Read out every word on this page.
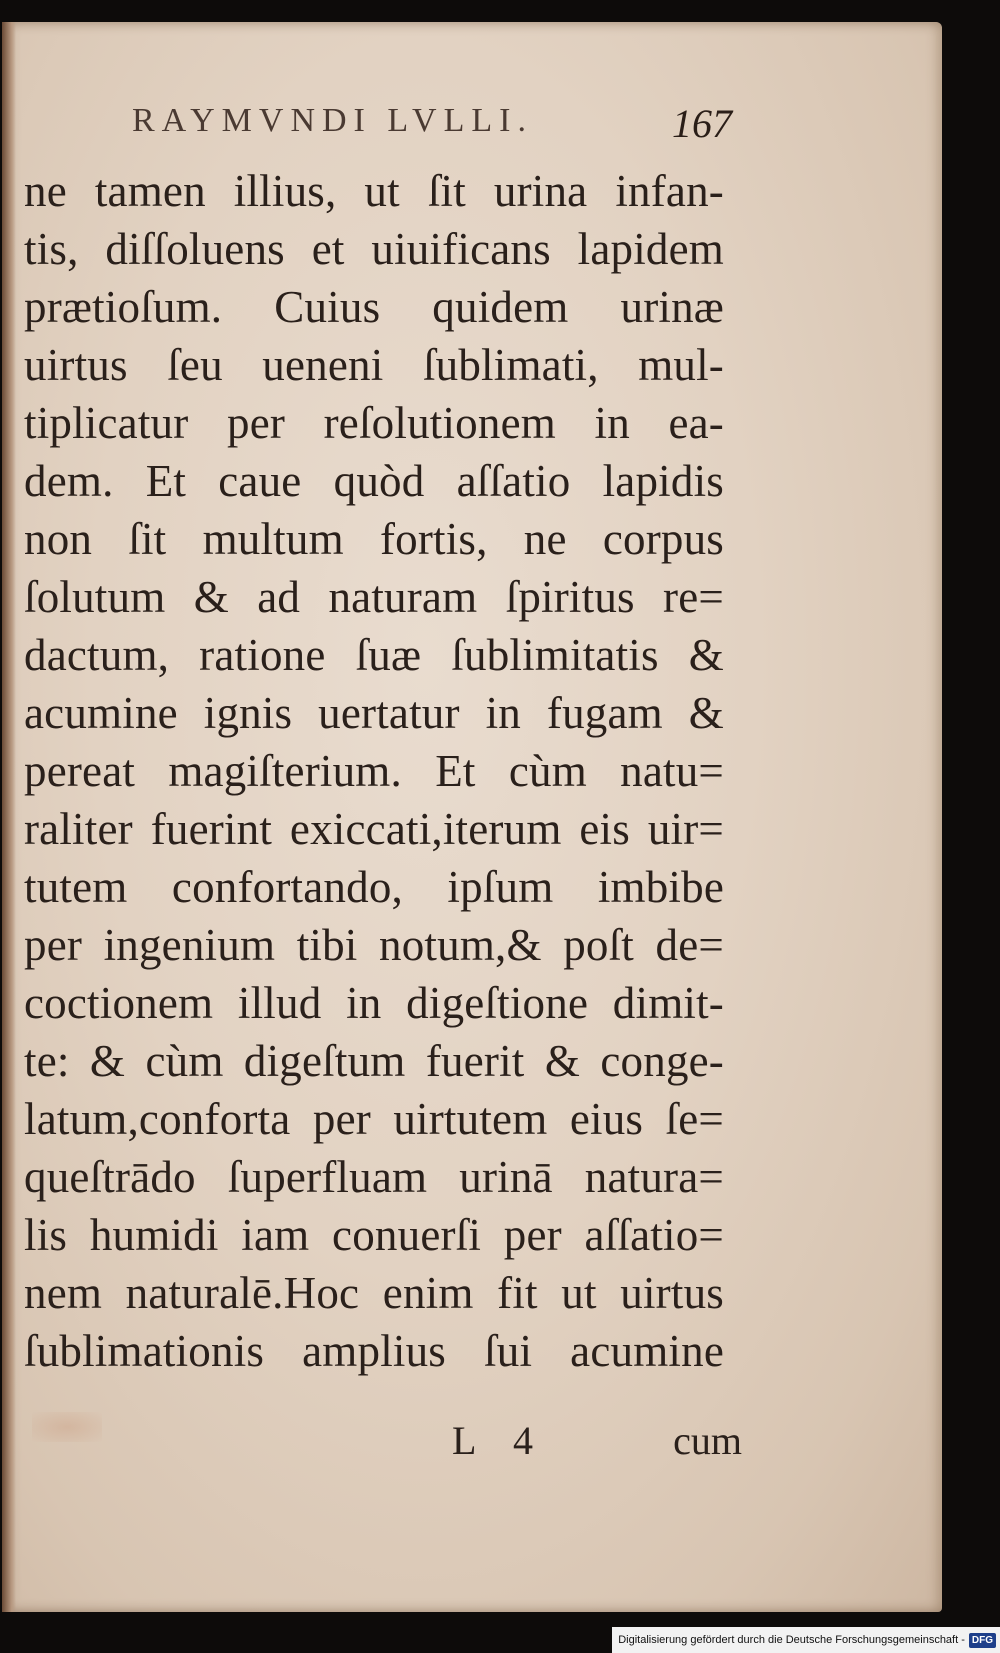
RAYMVNDI LVLLI.	167
ne tamen illius, ut ſit urina infan-
tis, diſſoluens et uiuificans lapidem
prætioſum. Cuius quidem urinæ
uirtus ſeu ueneni ſublimati, mul-
tiplicatur per reſolutionem in ea-
dem. Et caue quòd aſſatio lapidis
non ſit multum fortis, ne corpus
ſolutum & ad naturam ſpiritus re=
dactum, ratione ſuæ ſublimitatis &
acumine ignis uertatur in fugam &
pereat magiſterium. Et cùm natu=
raliter fuerint exiccati,iterum eis uir=
tutem confortando, ipſum imbibe
per ingenium tibi notum,& poſt de=
coctionem illud in digeſtione dimit-
te: & cùm digeſtum fuerit & conge-
latum,conforta per uirtutem eius ſe=
queſtrādo ſuperfluam urinā natura=
lis humidi iam conuerſi per aſſatio=
nem naturalē.Hoc enim fit ut uirtus
ſublimationis amplius ſui acumine
L 4	cum
Digitalisierung gefördert durch die Deutsche Forschungsgemeinschaft - DFG
